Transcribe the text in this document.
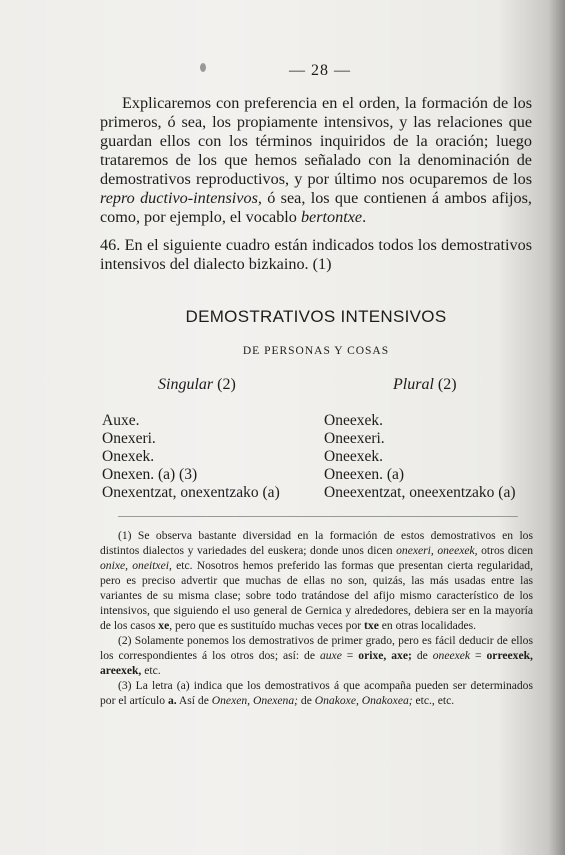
— 28 —
Explicaremos con preferencia en el orden, la formación de los primeros, ó sea, los propiamente intensivos, y las relaciones que guardan ellos con los términos inquiridos de la oración; luego trataremos de los que hemos señalado con la denominación de demostrativos reproductivos, y por último nos ocuparemos de los repro ductivo-intensivos, ó sea, los que contienen á ambos afijos, como, por ejemplo, el vocablo bertontxe.
46. En el siguiente cuadro están indicados todos los demostrativos intensivos del dialecto bizkaino. (1)
DEMOSTRATIVOS INTENSIVOS
DE PERSONAS Y COSAS
Singular (2)	Plural (2)
Auxe.	Oneexek.
Onexeri.	Oneexeri.
Onexek.	Oneexek.
Onexen. (a) (3)	Oneexen. (a)
Onexentzat, onexentzako (a)	Oneexentzat, oneexentzako (a)

(1) Se observa bastante diversidad en la formación de estos demostrativos en los distintos dialectos y variedades del euskera; donde unos dicen onexeri, oneexek, otros dicen onixe, oneitxei, etc. Nosotros hemos preferido las formas que presentan cierta regularidad, pero es preciso advertir que muchas de ellas no son, quizás, las más usadas entre las variantes de su misma clase; sobre todo tratándose del afijo mismo característico de los intensivos, que siguiendo el uso general de Gernica y alrededores, debiera ser en la mayoría de los casos xe, pero que es sustituído muchas veces por txe en otras localidades.

(2) Solamente ponemos los demostrativos de primer grado, pero es fácil deducir de ellos los correspondientes á los otros dos; así: de auxe = orixe, axe; de oneexek = orreexek, areexek, etc.

(3) La letra (a) indica que los demostrativos á que acompaña pueden ser determinados por el artículo a. Así de Onexen, Onexena; de Onakoxe, Onakoxea; etc., etc.
